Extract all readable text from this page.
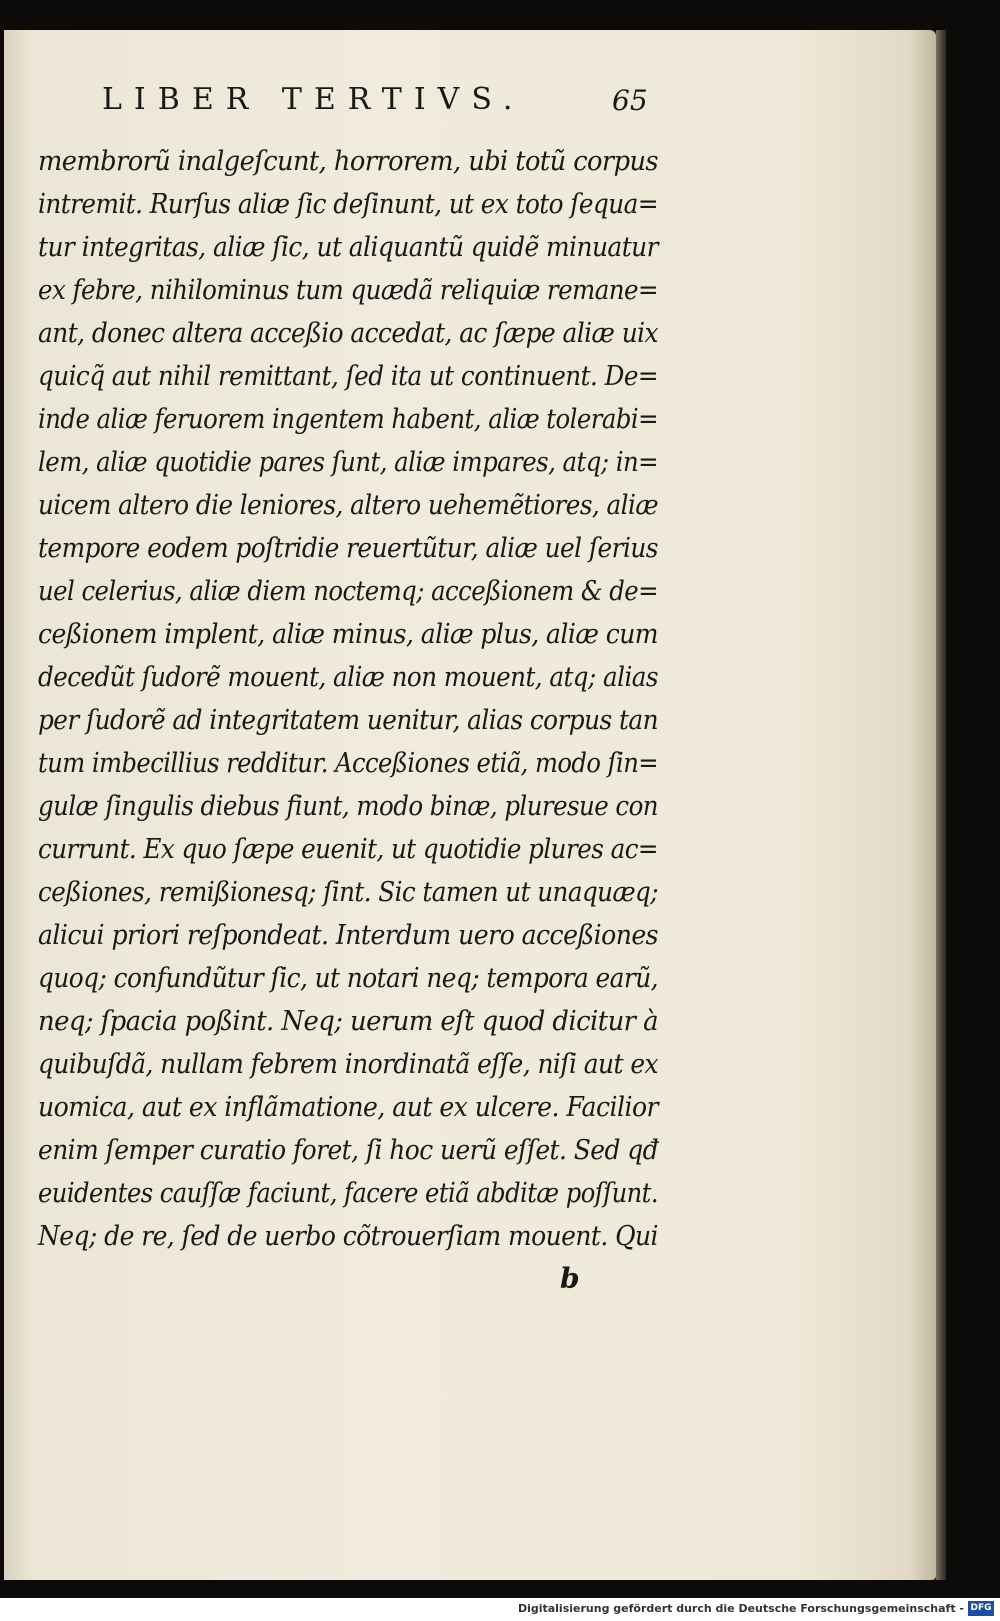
LIBER TERTIVS.	65
membrorũ inalgeſcunt, horrorem, ubi totũ corpus
intremit. Rurſus aliæ ſic deſinunt, ut ex toto ſequa=
tur integritas, aliæ ſic, ut aliquantũ quidẽ minuatur
ex febre, nihilominus tum quædã reliquiæ remane=
ant, donec altera acceßio accedat, ac ſæpe aliæ uix
quicq̃ aut nihil remittant, ſed ita ut continuent. De=
inde aliæ feruorem ingentem habent, aliæ tolerabi=
lem, aliæ quotidie pares ſunt, aliæ impares, atq; in=
uicem altero die leniores, altero uehemẽtiores, aliæ
tempore eodem poſtridie reuertũtur, aliæ uel ſerius
uel celerius, aliæ diem noctemq; acceßionem & de=
ceßionem implent, aliæ minus, aliæ plus, aliæ cum
decedũt ſudorẽ mouent, aliæ non mouent, atq; alias
per ſudorẽ ad integritatem uenitur, alias corpus tan
tum imbecillius redditur. Acceßiones etiã, modo ſin=
gulæ ſingulis diebus fiunt, modo binæ, pluresue con
currunt. Ex quo ſæpe euenit, ut quotidie plures ac=
ceßiones, remißionesq; ſint. Sic tamen ut unaquæq;
alicui priori reſpondeat. Interdum uero acceßiones
quoq; confundũtur ſic, ut notari neq; tempora earũ,
neq; ſpacia poßint. Neq; uerum eſt quod dicitur à
quibuſdã, nullam febrem inordinatã eſſe, niſi aut ex
uomica, aut ex inflãmatione, aut ex ulcere. Facilior
enim ſemper curatio foret, ſi hoc uerũ eſſet. Sed qđ
euidentes cauſſæ faciunt, facere etiã abditæ poſſunt.
Neq; de re, ſed de uerbo cõtrouerſiam mouent. Qui
b
Digitalisierung gefördert durch die Deutsche Forschungsgemeinschaft - DFG
